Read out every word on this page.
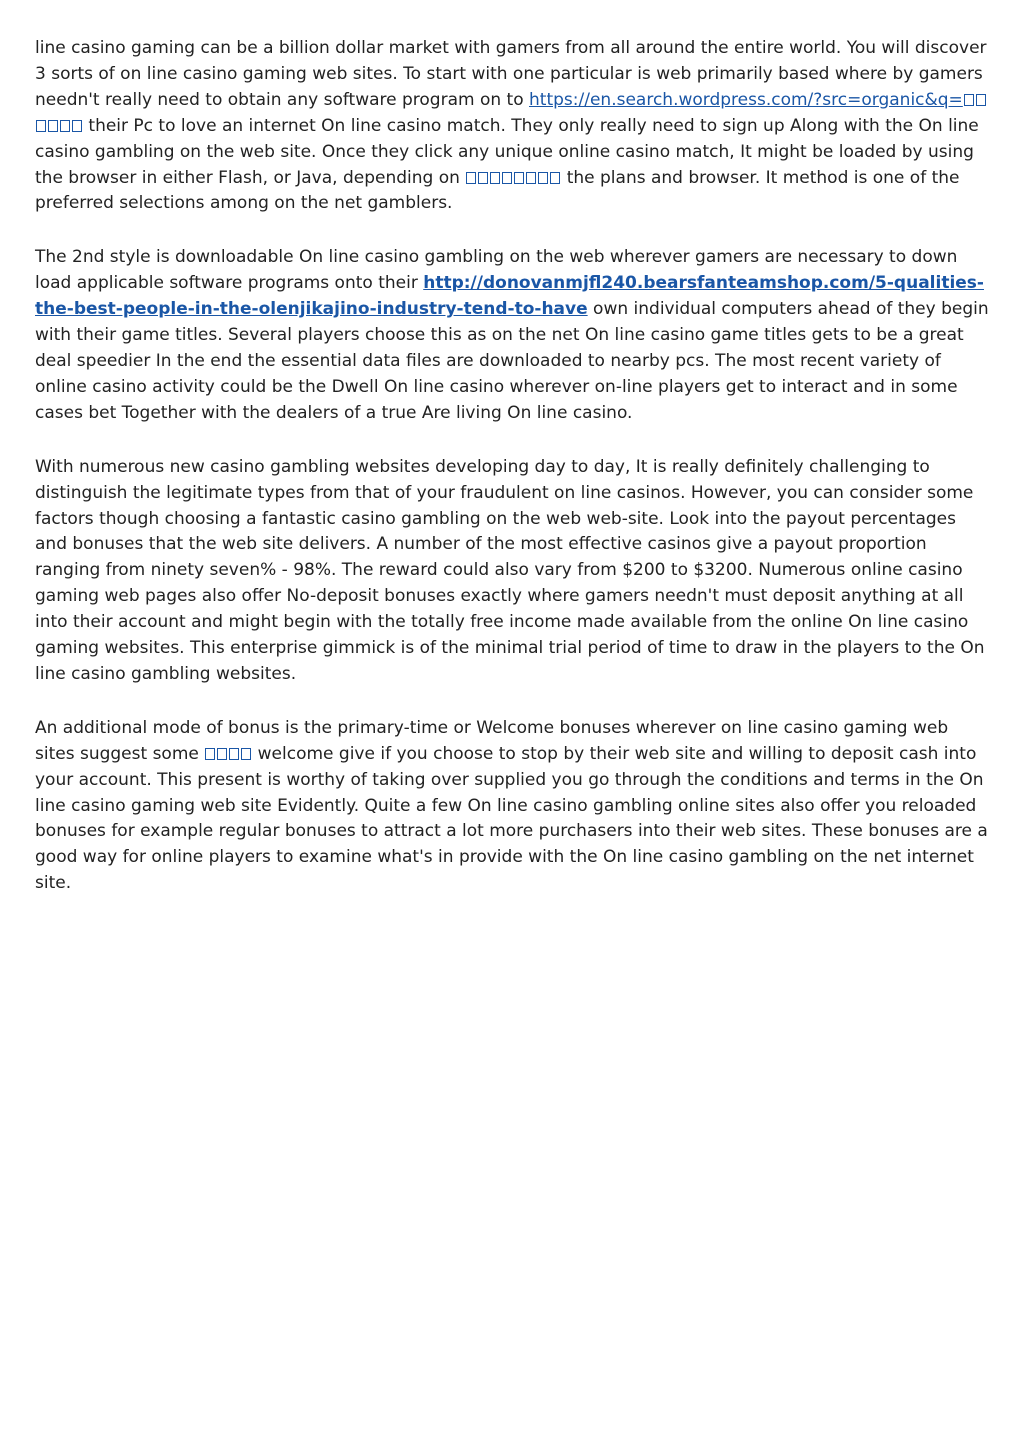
line casino gaming can be a billion dollar market with gamers from all around the entire world. You will discover 3 sorts of on line casino gaming web sites. To start with one particular is web primarily based where by gamers needn't really need to obtain any software program on to https://en.search.wordpress.com/?src=organic&q= their Pc to love an internet On line casino match. They only really need to sign up Along with the On line casino gambling on the web site. Once they click any unique online casino match, It might be loaded by using the browser in either Flash, or Java, depending on	the plans and browser. It method is one of the preferred selections among on the net gamblers.

The 2nd style is downloadable On line casino gambling on the web wherever gamers are necessary to down load applicable software programs onto their http://donovanmjfl240.bearsfanteamshop.com/5-qualities-the-best-people-in-the-olenjikajino-industry-tend-to-have own individual computers ahead of they begin with their game titles. Several players choose this as on the net On line casino game titles gets to be a great deal speedier In the end the essential data files are downloaded to nearby pcs. The most recent variety of online casino activity could be the Dwell On line casino wherever on-line players get to interact and in some cases bet Together with the dealers of a true Are living On line casino.

With numerous new casino gambling websites developing day to day, It is really definitely challenging to distinguish the legitimate types from that of your fraudulent on line casinos. However, you can consider some factors though choosing a fantastic casino gambling on the web web-site. Look into the payout percentages and bonuses that the web site delivers. A number of the most effective casinos give a payout proportion ranging from ninety seven% - 98%. The reward could also vary from $200 to $3200. Numerous online casino gaming web pages also offer No-deposit bonuses exactly where gamers needn't must deposit anything at all into their account and might begin with the totally free income made available from the online On line casino gaming websites. This enterprise gimmick is of the minimal trial period of time to draw in the players to the On line casino gambling websites.

An additional mode of bonus is the primary-time or Welcome bonuses wherever on line casino gaming web sites suggest some	welcome give if you choose to stop by their web site and willing to deposit cash into your account. This present is worthy of taking over supplied you go through the conditions and terms in the On line casino gaming web site Evidently. Quite a few On line casino gambling online sites also offer you reloaded bonuses for example regular bonuses to attract a lot more purchasers into their web sites. These bonuses are a good way for online players to examine what's in provide with the On line casino gambling on the net internet site.
